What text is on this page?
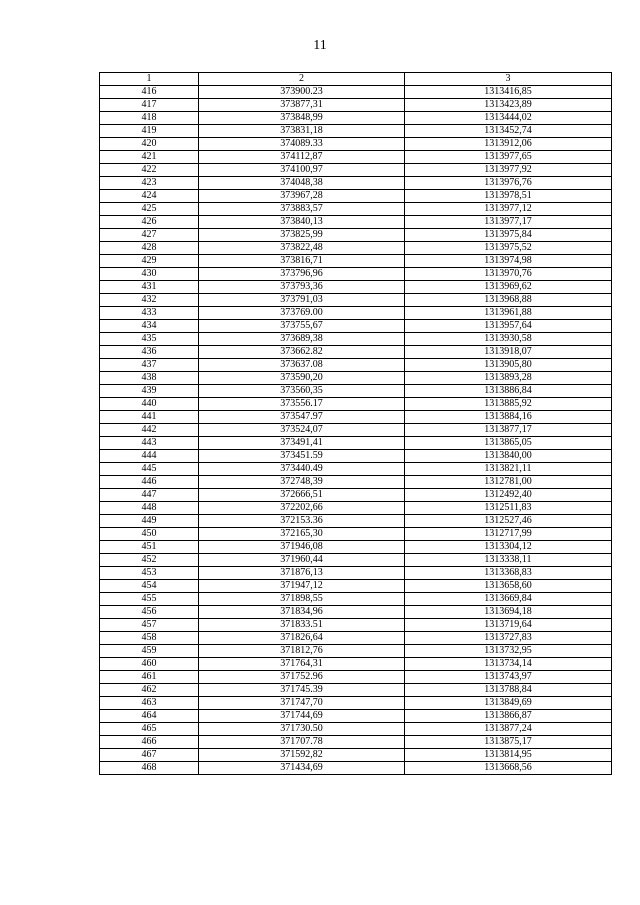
11
1	2	3
416	373900.23	1313416,85
417	373877,31	1313423,89
418	373848,99	1313444,02
419	373831,18	1313452,74
420	374089.33	1313912,06
421	374112,87	1313977,65
422	374100,97	1313977,92
423	374048,38	1313976,76
424	373967,28	1313978,51
425	373883,57	1313977,12
426	373840,13	1313977,17
427	373825,99	1313975,84
428	373822,48	1313975,52
429	373816,71	1313974,98
430	373796,96	1313970,76
431	373793,36	1313969,62
432	373791,03	1313968,88
433	373769.00	1313961,88
434	373755,67	1313957,64
435	373689,38	1313930,58
436	373662.82	1313918,07
437	373637.08	1313905,80
438	373590,20	1313893,28
439	373560,35	1313886,84
440	373556.17	1313885,92
441	373547.97	1313884,16
442	373524,07	1313877,17
443	373491,41	1313865,05
444	373451.59	1313840,00
445	373440.49	1313821,11
446	372748,39	1312781,00
447	372666,51	1312492,40
448	372202,66	1312511,83
449	372153.36	1312527,46
450	372165,30	1312717,99
451	371946,08	1313304,12
452	371960,44	1313338,11
453	371876,13	1313368,83
454	371947,12	1313658,60
455	371898,55	1313669,84
456	371834,96	1313694,18
457	371833.51	1313719,64
458	371826,64	1313727,83
459	371812,76	1313732,95
460	371764,31	1313734,14
461	371752.96	1313743,97
462	371745.39	1313788,84
463	371747,70	1313849,69
464	371744,69	1313866,87
465	371730.50	1313877,24
466	371707.78	1313875,17
467	371592,82	1313814,95
468	371434,69	1313668,56
